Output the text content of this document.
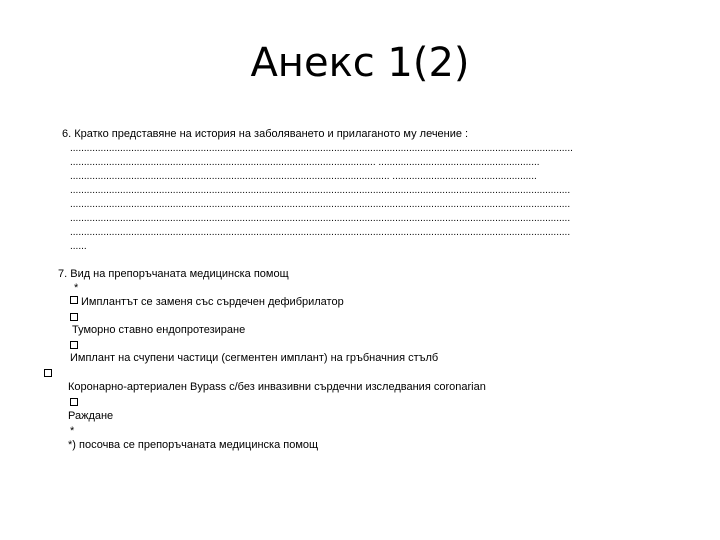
Анекс 1(2)
6. Кратко представяне на история на заболяването и прилаганото му лечение :
.....................................................................................................................................................................................
.............................................................................................................. ..........................................................
................................................................................................................... ....................................................
....................................................................................................................................................................................
....................................................................................................................................................................................
....................................................................................................................................................................................
....................................................................................................................................................................................
......
7. Вид на препоръчаната медицинска помощ
*
Имплантът се заменя със сърдечен дефибрилатор
Туморно ставно ендопротезиране
Имплант на счупени частици (сегментен имплант) на гръбначния стълб
Коронарно-артериален Bypass с/без инвазивни сърдечни изследвания coronarian
Раждане
*
*) посочва се препоръчаната медицинска помощ
